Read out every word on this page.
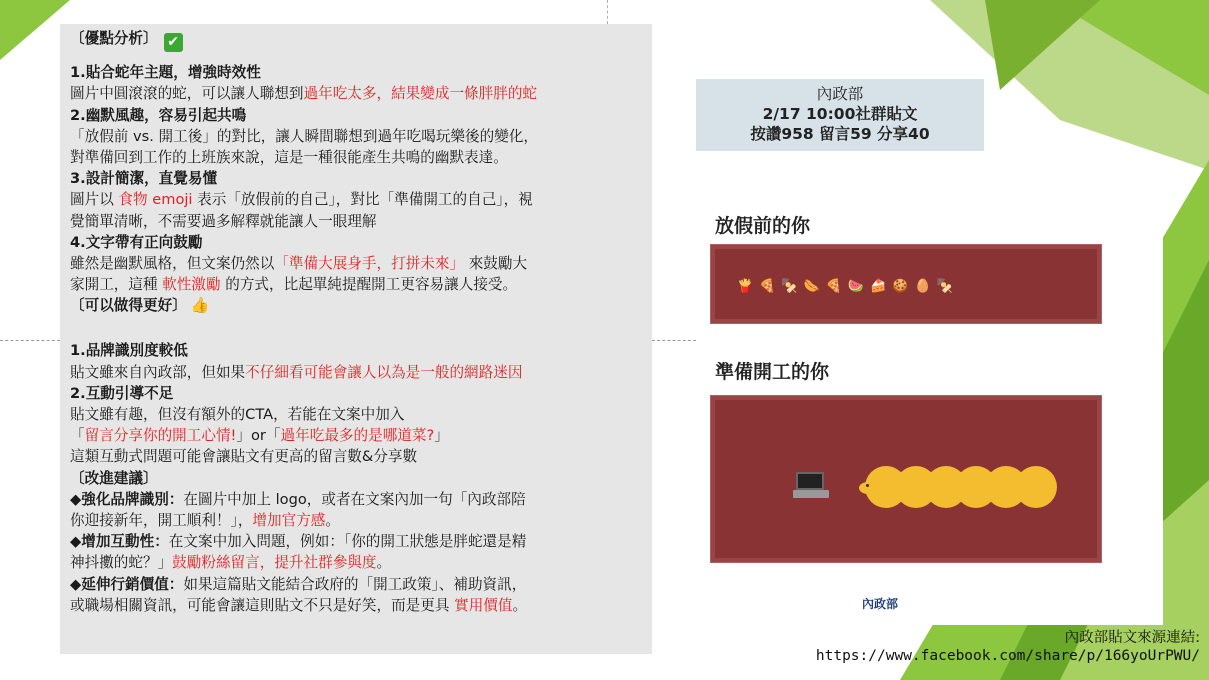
〔優點分析〕 ✔
1.貼合蛇年主題，增強時效性
圖片中圓滾滾的蛇，可以讓人聯想到過年吃太多，結果變成一條胖胖的蛇
2.幽默風趣，容易引起共鳴
「放假前 vs. 開工後」的對比，讓人瞬間聯想到過年吃喝玩樂後的變化，
對準備回到工作的上班族來說，這是一種很能產生共鳴的幽默表達。
3.設計簡潔，直覺易懂
圖片以 食物 emoji 表示「放假前的自己」，對比「準備開工的自己」，視
覺簡單清晰，不需要過多解釋就能讓人一眼理解
4.文字帶有正向鼓勵
雖然是幽默風格，但文案仍然以「準備大展身手，打拼未來」 來鼓勵大
家開工，這種 軟性激勵 的方式，比起單純提醒開工更容易讓人接受。
〔可以做得更好〕 👍
1.品牌識別度較低
貼文雖來自內政部，但如果不仔細看可能會讓人以為是一般的網路迷因
2.互動引導不足
貼文雖有趣，但沒有額外的CTA，若能在文案中加入
「留言分享你的開工心情!」or「過年吃最多的是哪道菜?」
這類互動式問題可能會讓貼文有更高的留言數&分享數
〔改進建議〕
◆強化品牌識別：在圖片中加上 logo，或者在文案內加一句「內政部陪
你迎接新年，開工順利！」，增加官方感。
◆增加互動性：在文案中加入問題，例如：「你的開工狀態是胖蛇還是精
神抖擻的蛇？」鼓勵粉絲留言，提升社群參與度。
◆延伸行銷價值：如果這篇貼文能結合政府的「開工政策」、補助資訊，
或職場相關資訊，可能會讓這則貼文不只是好笑，而是更具 實用價值。
內政部
2/17 10:00社群貼文
按讚958 留言59 分享40
放假前的你
🍟🍕🍢🌭🍕🍉🍰🍪🥚🍢
準備開工的你
內政部
內政部貼文來源連結:
https://www.facebook.com/share/p/166yoUrPWU/
